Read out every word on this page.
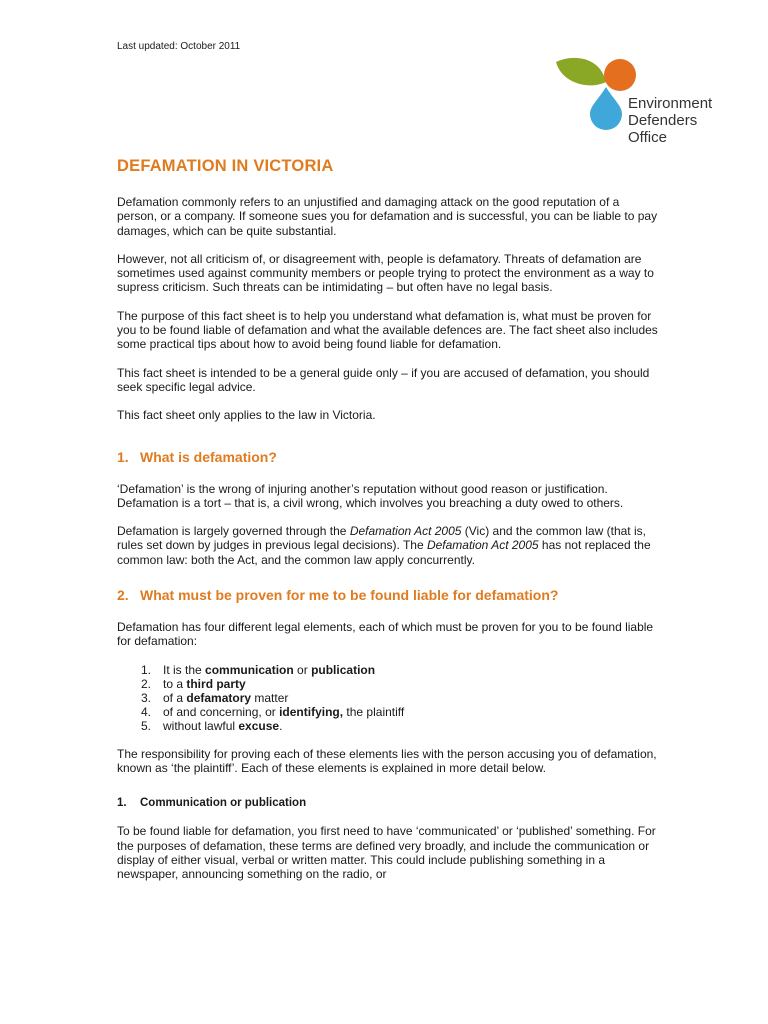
Last updated: October 2011
Environment
Defenders
Office
DEFAMATION IN VICTORIA

Defamation commonly refers to an unjustified and damaging attack on the good reputation of a person, or a company. If someone sues you for defamation and is successful, you can be liable to pay damages, which can be quite substantial.

However, not all criticism of, or disagreement with, people is defamatory. Threats of defamation are sometimes used against community members or people trying to protect the environment as a way to supress criticism. Such threats can be intimidating – but often have no legal basis.

The purpose of this fact sheet is to help you understand what defamation is, what must be proven for you to be found liable of defamation and what the available defences are. The fact sheet also includes some practical tips about how to avoid being found liable for defamation.

This fact sheet is intended to be a general guide only – if you are accused of defamation, you should seek specific legal advice.

This fact sheet only applies to the law in Victoria.

1. What is defamation?

‘Defamation’ is the wrong of injuring another’s reputation without good reason or justification. Defamation is a tort – that is, a civil wrong, which involves you breaching a duty owed to others.

Defamation is largely governed through the Defamation Act 2005 (Vic) and the common law (that is, rules set down by judges in previous legal decisions). The Defamation Act 2005 has not replaced the common law: both the Act, and the common law apply concurrently.

2. What must be proven for me to be found liable for defamation?

Defamation has four different legal elements, each of which must be proven for you to be found liable for defamation:

1. It is the communication or publication
2. to a third party
3. of a defamatory matter
4. of and concerning, or identifying, the plaintiff
5. without lawful excuse.

The responsibility for proving each of these elements lies with the person accusing you of defamation, known as ‘the plaintiff’. Each of these elements is explained in more detail below.

1. Communication or publication

To be found liable for defamation, you first need to have ‘communicated’ or ‘published’ something. For the purposes of defamation, these terms are defined very broadly, and include the communication or display of either visual, verbal or written matter. This could include publishing something in a newspaper, announcing something on the radio, or
